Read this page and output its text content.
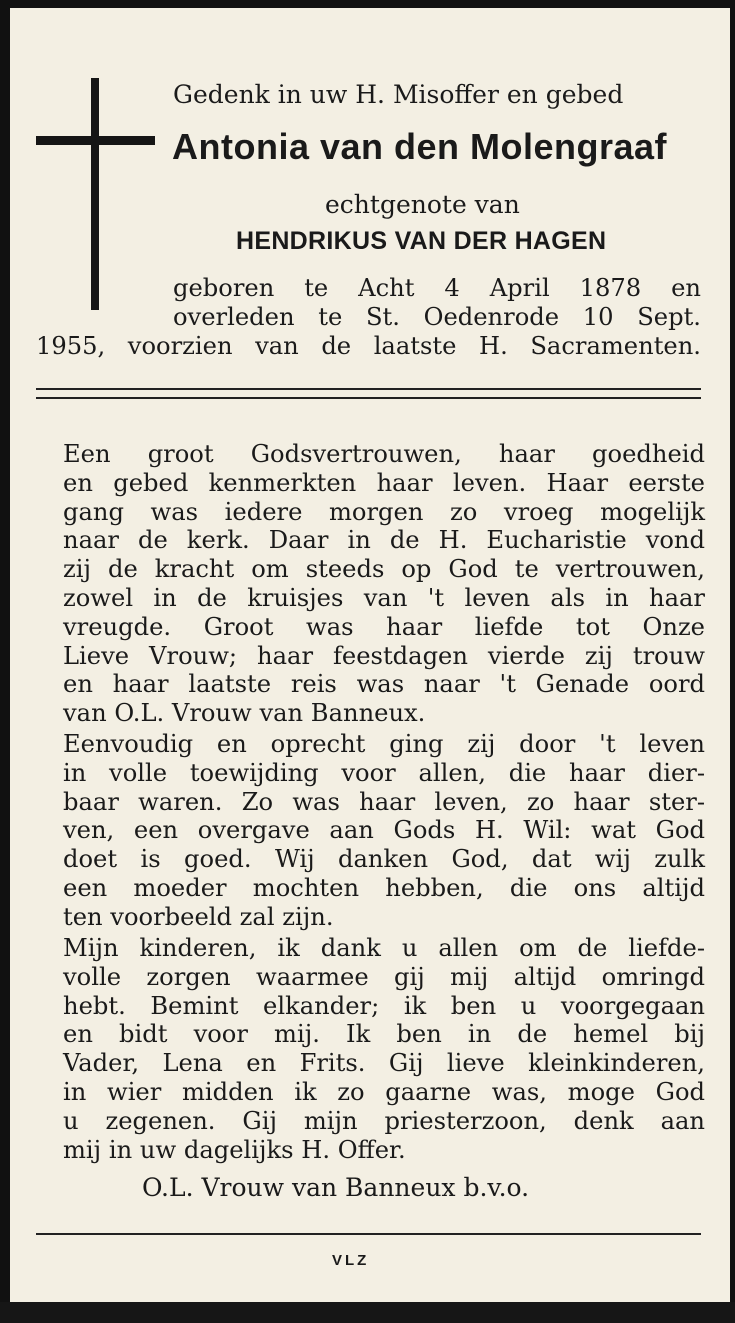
Gedenk in uw H. Misoffer en gebed
Antonia van den Molengraaf
echtgenote van
HENDRIKUS VAN DER HAGEN
geboren te Acht 4 April 1878 en
overleden te St. Oedenrode 10 Sept.
1955, voorzien van de laatste H. Sacramenten.
Een groot Godsvertrouwen, haar goedheid
en gebed kenmerkten haar leven. Haar eerste
gang was iedere morgen zo vroeg mogelijk
naar de kerk. Daar in de H. Eucharistie vond
zij de kracht om steeds op God te vertrouwen,
zowel in de kruisjes van 't leven als in haar
vreugde. Groot was haar liefde tot Onze
Lieve Vrouw; haar feestdagen vierde zij trouw
en haar laatste reis was naar 't Genade oord
van O.L. Vrouw van Banneux.
Eenvoudig en oprecht ging zij door 't leven
in volle toewijding voor allen, die haar dier-
baar waren. Zo was haar leven, zo haar ster-
ven, een overgave aan Gods H. Wil: wat God
doet is goed. Wij danken God, dat wij zulk
een moeder mochten hebben, die ons altijd
ten voorbeeld zal zijn.
Mijn kinderen, ik dank u allen om de liefde-
volle zorgen waarmee gij mij altijd omringd
hebt. Bemint elkander; ik ben u voorgegaan
en bidt voor mij. Ik ben in de hemel bij
Vader, Lena en Frits. Gij lieve kleinkinderen,
in wier midden ik zo gaarne was, moge God
u zegenen. Gij mijn priesterzoon, denk aan
mij in uw dagelijks H. Offer.
O.L. Vrouw van Banneux b.v.o.
VLZ
